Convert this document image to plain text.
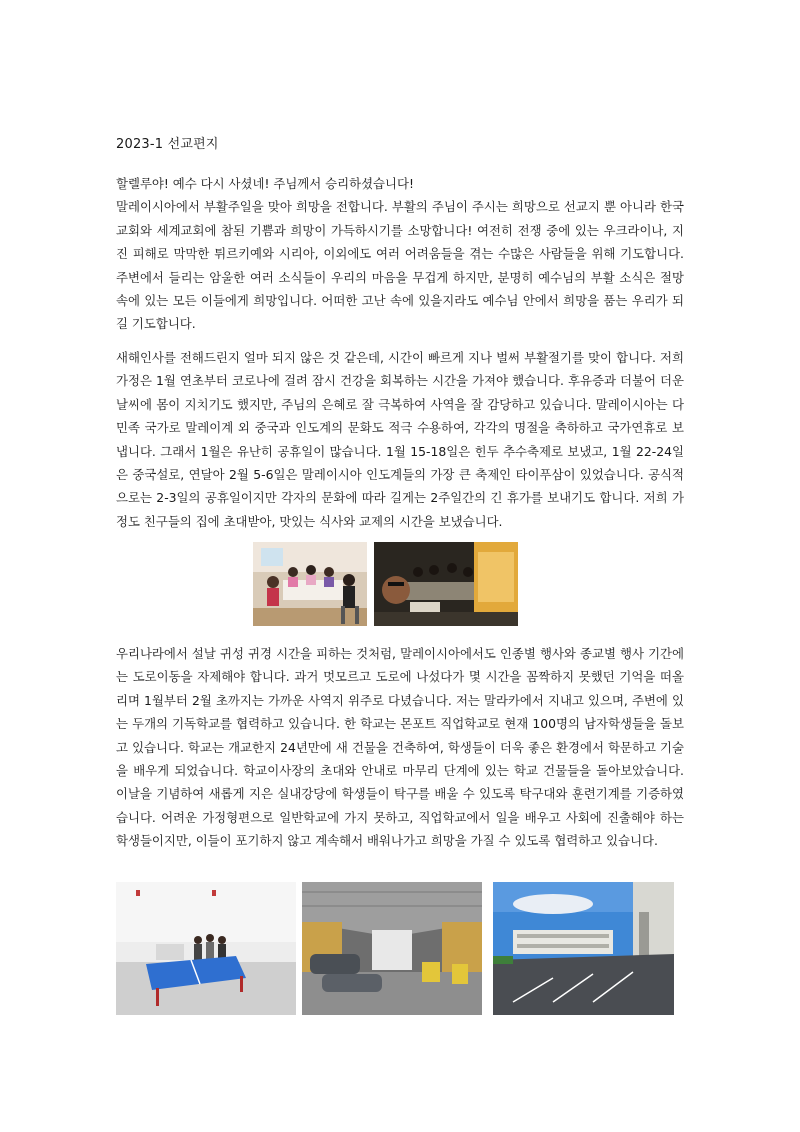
2023-1 선교편지

할렐루야! 예수 다시 사셨네! 주님께서 승리하셨습니다!

말레이시아에서 부활주일을 맞아 희망을 전합니다. 부활의 주님이 주시는 희망으로 선교지 뿐 아니라 한국교회와 세계교회에 참된 기쁨과 희망이 가득하시기를 소망합니다! 여전히 전쟁 중에 있는 우크라이나, 지진 피해로 막막한 튀르키예와 시리아, 이외에도 여러 어려움들을 겪는 수많은 사람들을 위해 기도합니다. 주변에서 들리는 암울한 여러 소식들이 우리의 마음을 무겁게 하지만, 분명히 예수님의 부활 소식은 절망 속에 있는 모든 이들에게 희망입니다. 어떠한 고난 속에 있을지라도 예수님 안에서 희망을 품는 우리가 되길 기도합니다.

새해인사를 전해드린지 얼마 되지 않은 것 같은데, 시간이 빠르게 지나 벌써 부활절기를 맞이 합니다. 저희 가정은 1월 연초부터 코로나에 걸려 잠시 건강을 회복하는 시간을 가져야 했습니다. 후유증과 더불어 더운 날씨에 몸이 지치기도 했지만, 주님의 은혜로 잘 극복하여 사역을 잘 감당하고 있습니다. 말레이시아는 다민족 국가로 말레이계 외 중국과 인도계의 문화도 적극 수용하여, 각각의 명절을 축하하고 국가연휴로 보냅니다. 그래서 1월은 유난히 공휴일이 많습니다. 1월 15-18일은 힌두 추수축제로 보냈고, 1월 22-24일은 중국설로, 연달아 2월 5-6일은 말레이시아 인도계들의 가장 큰 축제인 타이푸삼이 있었습니다. 공식적으로는 2-3일의 공휴일이지만 각자의 문화에 따라 길게는 2주일간의 긴 휴가를 보내기도 합니다. 저희 가정도 친구들의 집에 초대받아, 맛있는 식사와 교제의 시간을 보냈습니다.

우리나라에서 설날 귀성 귀경 시간을 피하는 것처럼, 말레이시아에서도 인종별 행사와 종교별 행사 기간에는 도로이동을 자제해야 합니다. 과거 멋모르고 도로에 나섰다가 몇 시간을 꼼짝하지 못했던 기억을 떠올리며 1월부터 2월 초까지는 가까운 사역지 위주로 다녔습니다. 저는 말라카에서 지내고 있으며, 주변에 있는 두개의 기독학교를 협력하고 있습니다. 한 학교는 몬포트 직업학교로 현재 100명의 남자학생들을 돌보고 있습니다. 학교는 개교한지 24년만에 새 건물을 건축하여, 학생들이 더욱 좋은 환경에서 학문하고 기술을 배우게 되었습니다. 학교이사장의 초대와 안내로 마무리 단계에 있는 학교 건물들을 돌아보았습니다. 이날을 기념하여 새롭게 지은 실내강당에 학생들이 탁구를 배울 수 있도록 탁구대와 훈련기계를 기증하였습니다. 어려운 가정형편으로 일반학교에 가지 못하고, 직업학교에서 일을 배우고 사회에 진출해야 하는 학생들이지만, 이들이 포기하지 않고 계속해서 배워나가고 희망을 가질 수 있도록 협력하고 있습니다.
